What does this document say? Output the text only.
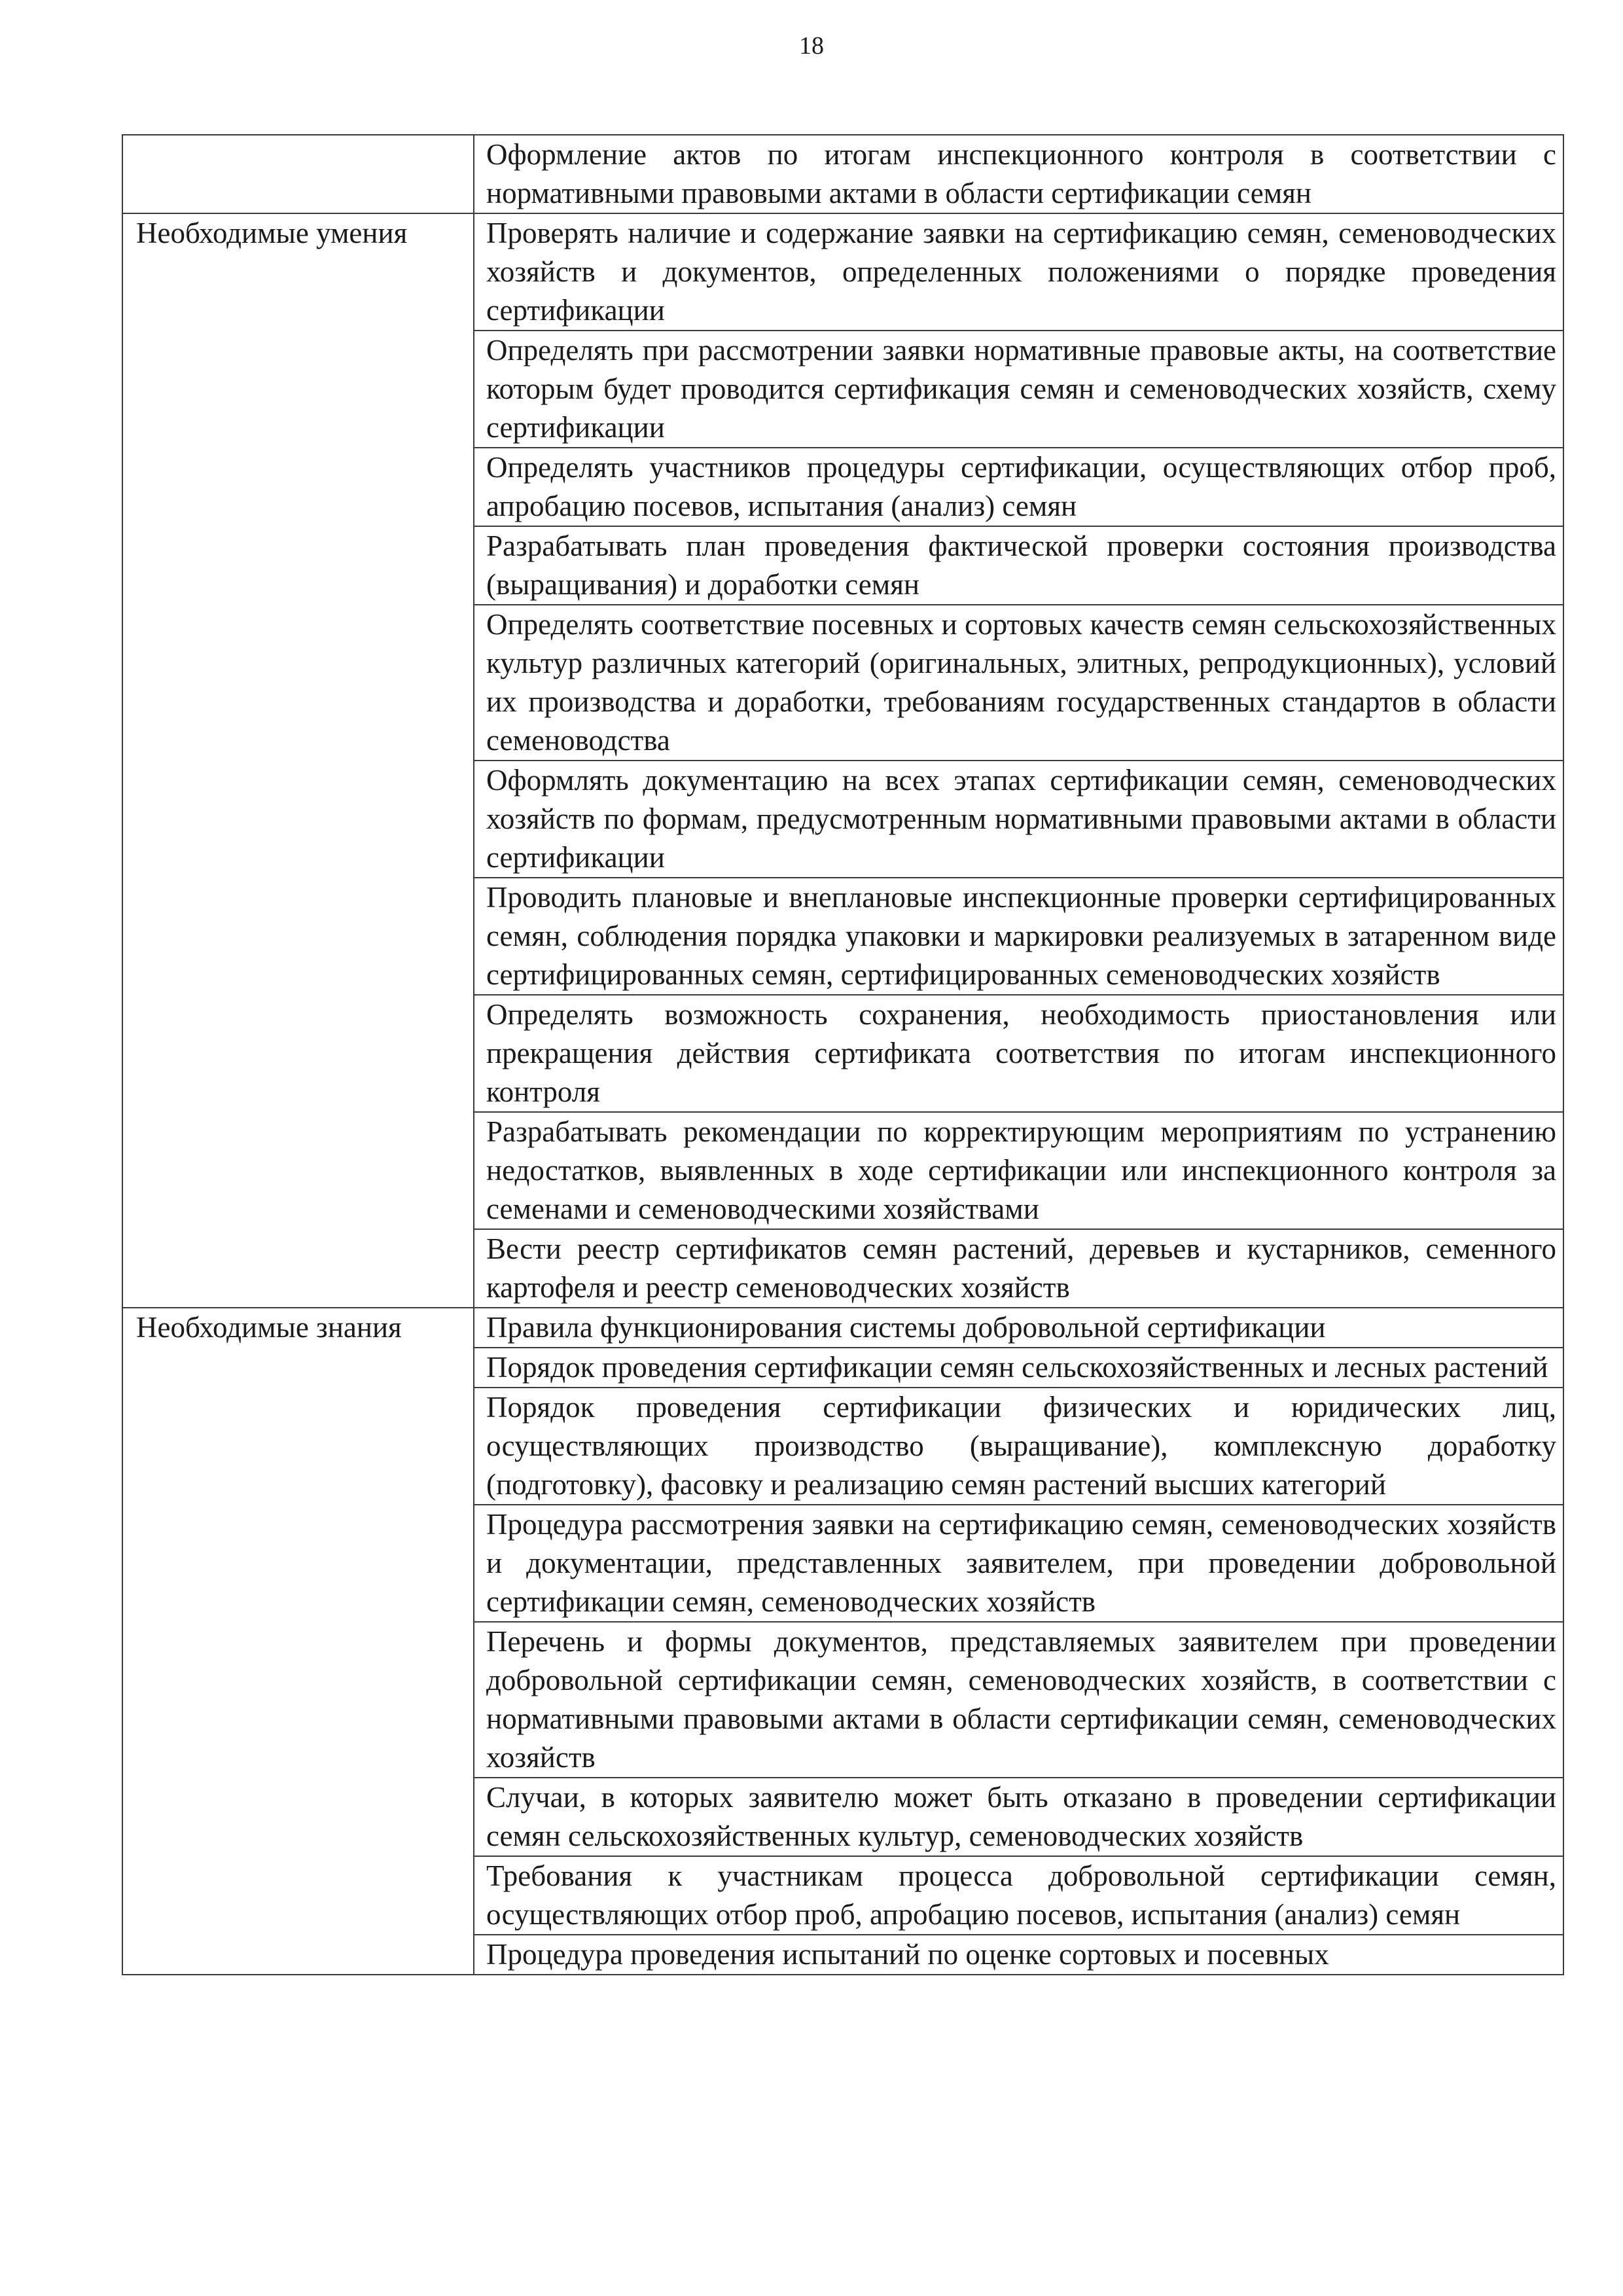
18
	Оформление актов по итогам инспекционного контроля в соответствии с нормативными правовыми актами в области сертификации семян
Необходимые умения	Проверять наличие и содержание заявки на сертификацию семян, семеноводческих хозяйств и документов, определенных положениями о порядке проведения сертификации
	Определять при рассмотрении заявки нормативные правовые акты, на соответствие которым будет проводится сертификация семян и семеноводческих хозяйств, схему сертификации
	Определять участников процедуры сертификации, осуществляющих отбор проб, апробацию посевов, испытания (анализ) семян
	Разрабатывать план проведения фактической проверки состояния производства (выращивания) и доработки семян
	Определять соответствие посевных и сортовых качеств семян сельскохозяйственных культур различных категорий (оригинальных, элитных, репродукционных), условий их производства и доработки, требованиям государственных стандартов в области семеноводства
	Оформлять документацию на всех этапах сертификации семян, семеноводческих хозяйств по формам, предусмотренным нормативными правовыми актами в области сертификации
	Проводить плановые и внеплановые инспекционные проверки сертифицированных семян, соблюдения порядка упаковки и маркировки реализуемых в затаренном виде сертифицированных семян, сертифицированных семеноводческих хозяйств
	Определять возможность сохранения, необходимость приостановления или прекращения действия сертификата соответствия по итогам инспекционного контроля
	Разрабатывать рекомендации по корректирующим мероприятиям по устранению недостатков, выявленных в ходе сертификации или инспекционного контроля за семенами и семеноводческими хозяйствами
	Вести реестр сертификатов семян растений, деревьев и кустарников, семенного картофеля и реестр семеноводческих хозяйств
Необходимые знания	Правила функционирования системы добровольной сертификации
	Порядок проведения сертификации семян сельскохозяйственных и лесных растений
	Порядок проведения сертификации физических и юридических лиц, осуществляющих производство (выращивание), комплексную доработку (подготовку), фасовку и реализацию семян растений высших категорий
	Процедура рассмотрения заявки на сертификацию семян, семеноводческих хозяйств и документации, представленных заявителем, при проведении добровольной сертификации семян, семеноводческих хозяйств
	Перечень и формы документов, представляемых заявителем при проведении добровольной сертификации семян, семеноводческих хозяйств, в соответствии с нормативными правовыми актами в области сертификации семян, семеноводческих хозяйств
	Случаи, в которых заявителю может быть отказано в проведении сертификации семян сельскохозяйственных культур, семеноводческих хозяйств
	Требования к участникам процесса добровольной сертификации семян, осуществляющих отбор проб, апробацию посевов, испытания (анализ) семян
	Процедура проведения испытаний по оценке сортовых и посевных
